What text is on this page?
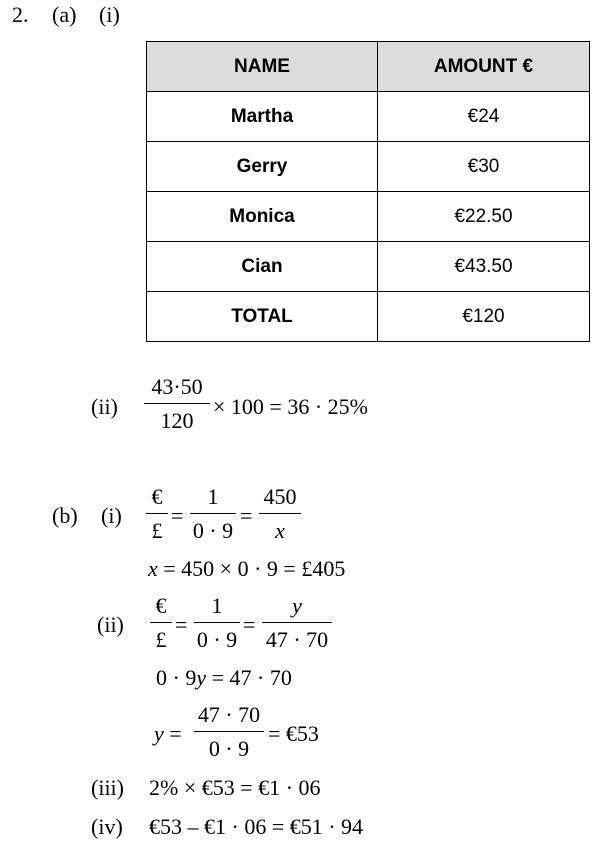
2. (a) (i)
NAME	AMOUNT €
Martha	€24
Gerry	€30
Monica	€22.50
Cian	€43.50
TOTAL	€120
(ii)
43·50
120
× 100 = 36 · 25%
(b) (i)
€
£
=
1
0 · 9
=
450
x
x = 450 × 0 · 9 = £405
(ii)
€
£
=
1
0 · 9
=
y
47 · 70
0 · 9y = 47 · 70
y =
47 · 70
0 · 9
= €53
(iii) 2% × €53 = €1 · 06
(iv) €53 – €1 · 06 = €51 · 94
